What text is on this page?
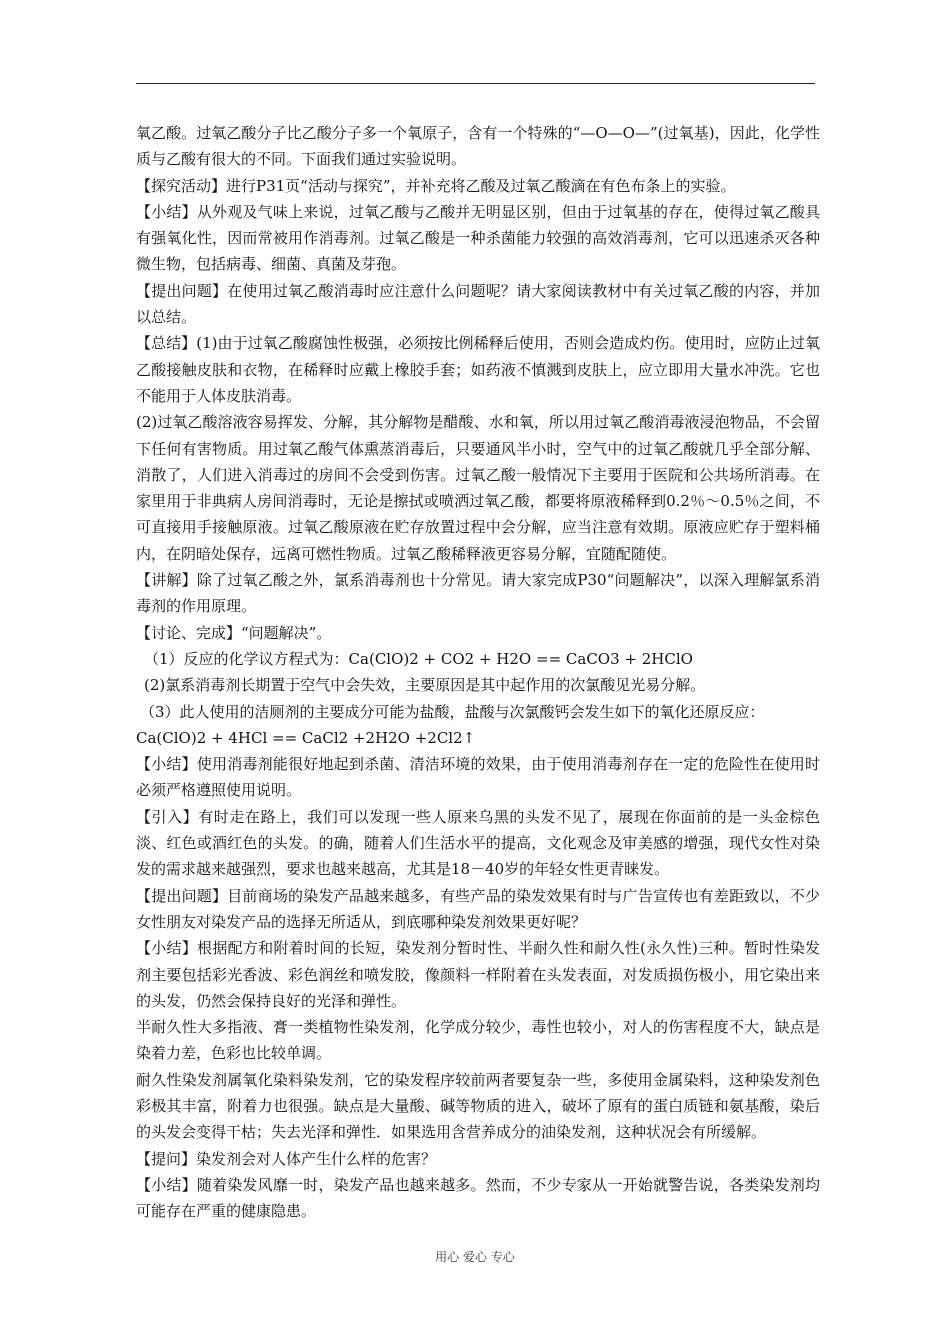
氧乙酸。过氧乙酸分子比乙酸分子多一个氧原子，含有一个特殊的“—O—O—”(过氧基)，因此，化学性质与乙酸有很大的不同。下面我们通过实验说明。

【探究活动】进行P31页“活动与探究”，并补充将乙酸及过氧乙酸滴在有色布条上的实验。

【小结】从外观及气味上来说，过氧乙酸与乙酸并无明显区别，但由于过氧基的存在，使得过氧乙酸具有强氧化性，因而常被用作消毒剂。过氧乙酸是一种杀菌能力较强的高效消毒剂，它可以迅速杀灭各种微生物，包括病毒、细菌、真菌及芽孢。

【提出问题】在使用过氧乙酸消毒时应注意什么问题呢？请大家阅读教材中有关过氧乙酸的内容，并加以总结。

【总结】(1)由于过氧乙酸腐蚀性极强，必须按比例稀释后使用，否则会造成灼伤。使用时，应防止过氧乙酸接触皮肤和衣物，在稀释时应戴上橡胶手套；如药液不慎溅到皮肤上，应立即用大量水冲洗。它也不能用于人体皮肤消毒。

(2)过氧乙酸溶液容易挥发、分解，其分解物是醋酸、水和氧，所以用过氧乙酸消毒液浸泡物品，不会留下任何有害物质。用过氧乙酸气体熏蒸消毒后，只要通风半小时，空气中的过氧乙酸就几乎全部分解、消散了，人们进入消毒过的房间不会受到伤害。过氧乙酸一般情况下主要用于医院和公共场所消毒。在家里用于非典病人房间消毒时，无论是擦拭或喷洒过氧乙酸，都要将原液稀释到0.2％～0.5％之间，不可直接用手接触原液。过氧乙酸原液在贮存放置过程中会分解，应当注意有效期。原液应贮存于塑料桶内，在阴暗处保存，远离可燃性物质。过氧乙酸稀释液更容易分解，宜随配随使。

【讲解】除了过氧乙酸之外，氯系消毒剂也十分常见。请大家完成P30“问题解决”，以深入理解氯系消毒剂的作用原理。

【讨论、完成】“问题解决”。

（1）反应的化学议方程式为：Ca(ClO)2 + CO2 + H2O == CaCO3 + 2HClO

(2)氯系消毒剂长期置于空气中会失效，主要原因是其中起作用的次氯酸见光易分解。

（3）此人使用的洁厕剂的主要成分可能为盐酸，盐酸与次氯酸钙会发生如下的氧化还原反应：

Ca(ClO)2 + 4HCl == CaCl2 +2H2O +2Cl2↑

【小结】使用消毒剂能很好地起到杀菌、清洁环境的效果，由于使用消毒剂存在一定的危险性在使用时必须严格遵照使用说明。

【引入】有时走在路上，我们可以发现一些人原来乌黑的头发不见了，展现在你面前的是一头金棕色淡、红色或酒红色的头发。的确，随着人们生活水平的提高，文化观念及审美感的增强，现代女性对染发的需求越来越强烈，要求也越来越高，尤其是18－40岁的年轻女性更青睐发。

【提出问题】目前商场的染发产品越来越多，有些产品的染发效果有时与广告宣传也有差距致以，不少女性朋友对染发产品的选择无所适从，到底哪种染发剂效果更好呢？

【小结】根据配方和附着时间的长短，染发剂分暂时性、半耐久性和耐久性(永久性)三种。暂时性染发剂主要包括彩光香波、彩色润丝和喷发胶，像颜料一样附着在头发表面，对发质损伤极小，用它染出来的头发，仍然会保持良好的光泽和弹性。

半耐久性大多指液、膏一类植物性染发剂，化学成分较少，毒性也较小，对人的伤害程度不大，缺点是染着力差，色彩也比较单调。

耐久性染发剂属氧化染料染发剂，它的染发程序较前两者要复杂一些，多使用金属染料，这种染发剂色彩极其丰富，附着力也很强。缺点是大量酸、碱等物质的进入，破坏了原有的蛋白质链和氨基酸，染后的头发会变得干枯；失去光泽和弹性．如果选用含营养成分的油染发剂，这种状况会有所缓解。

【提问】染发剂会对人体产生什么样的危害？

【小结】随着染发风靡一时，染发产品也越来越多。然而，不少专家从一开始就警告说，各类染发剂均可能存在严重的健康隐患。

用心 爱心 专心
